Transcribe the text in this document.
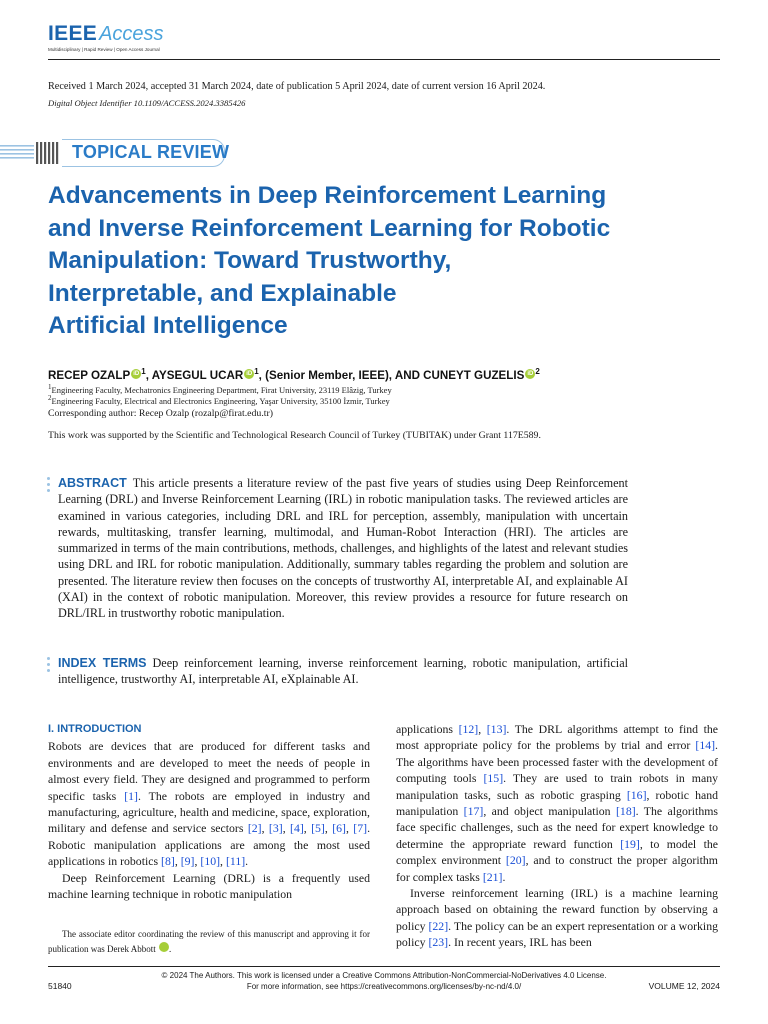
IEEE Access
Multidisciplinary | Rapid Review | Open Access Journal
Received 1 March 2024, accepted 31 March 2024, date of publication 5 April 2024, date of current version 16 April 2024.
Digital Object Identifier 10.1109/ACCESS.2024.3385426
TOPICAL REVIEW
Advancements in Deep Reinforcement Learning
and Inverse Reinforcement Learning for Robotic
Manipulation: Toward Trustworthy,
Interpretable, and Explainable
Artificial Intelligence
RECEP OZALP iD $^1$, AYSEGUL UCAR iD $^1$, (Senior Member, IEEE), AND CUNEYT GUZELIS iD $^2$
$^1$Engineering Faculty, Mechatronics Engineering Department, Firat University, 23119 Elâzig, Turkey
$^2$Engineering Faculty, Electrical and Electronics Engineering, Yaşar University, 35100 İzmir, Turkey
Corresponding author: Recep Ozalp (rozalp@firat.edu.tr)
This work was supported by the Scientific and Technological Research Council of Turkey (TUBITAK) under Grant 117E589.
ABSTRACT This article presents a literature review of the past five years of studies using Deep Reinforcement Learning (DRL) and Inverse Reinforcement Learning (IRL) in robotic manipulation tasks. The reviewed articles are examined in various categories, including DRL and IRL for perception, assembly, manipulation with uncertain rewards, multitasking, transfer learning, multimodal, and Human-Robot Interaction (HRI). The articles are summarized in terms of the main contributions, methods, challenges, and highlights of the latest and relevant studies using DRL and IRL for robotic manipulation. Additionally, summary tables regarding the problem and solution are presented. The literature review then focuses on the concepts of trustworthy AI, interpretable AI, and explainable AI (XAI) in the context of robotic manipulation. Moreover, this review provides a resource for future research on DRL/IRL in trustworthy robotic manipulation.
INDEX TERMS Deep reinforcement learning, inverse reinforcement learning, robotic manipulation, artificial intelligence, trustworthy AI, interpretable AI, eXplainable AI.
I. INTRODUCTION

Robots are devices that are produced for different tasks and environments and are developed to meet the needs of people in almost every field. They are designed and programmed to perform specific tasks [1]. The robots are employed in industry and manufacturing, agriculture, health and medicine, space, exploration, military and defense and service sectors [2], [3], [4], [5], [6], [7]. Robotic manipulation applications are among the most used applications in robotics [8], [9], [10], [11].

Deep Reinforcement Learning (DRL) is a frequently used machine learning technique in robotic manipulation

The associate editor coordinating the review of this manuscript and approving it for publication was Derek Abbott	iD.

applications [12], [13]. The DRL algorithms attempt to find the most appropriate policy for the problems by trial and error [14]. The algorithms have been processed faster with the development of computing tools [15]. They are used to train robots in many manipulation tasks, such as robotic grasping [16], robotic hand manipulation [17], and object manipulation [18]. The algorithms face specific challenges, such as the need for expert knowledge to determine the appropriate reward function [19], to model the complex environment [20], and to construct the proper algorithm for complex tasks [21].

Inverse reinforcement learning (IRL) is a machine learning approach based on obtaining the reward function by observing a policy [22]. The policy can be an expert representation or a working policy [23]. In recent years, IRL has been

© 2024 The Authors. This work is licensed under a Creative Commons Attribution-NonCommercial-NoDerivatives 4.0 License.
For more information, see https://creativecommons.org/licenses/by-nc-nd/4.0/
51840	VOLUME 12, 2024
